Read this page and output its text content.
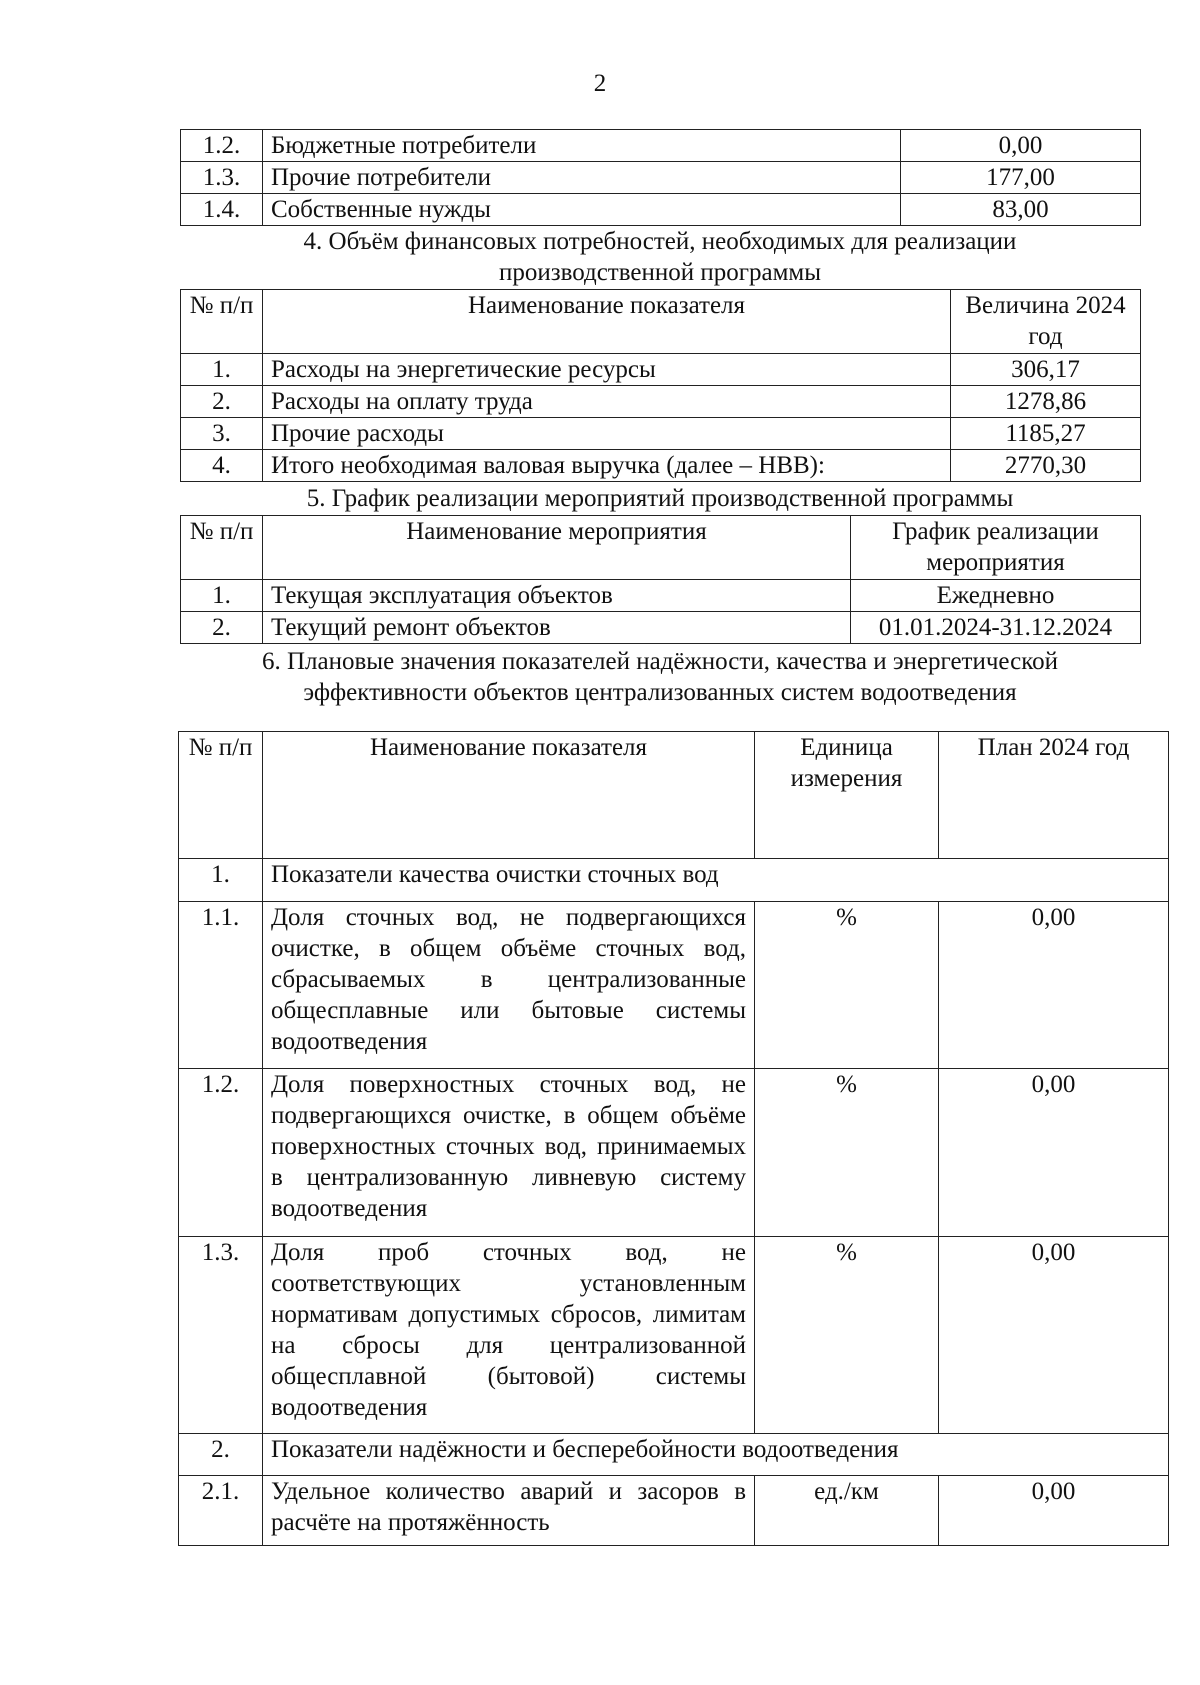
2
1.2.	Бюджетные потребители	0,00
1.3.	Прочие потребители	177,00
1.4.	Собственные нужды	83,00
4. Объём финансовых потребностей, необходимых для реализации
производственной программы
№ п/п	Наименование показателя	Величина 2024 год
1.	Расходы на энергетические ресурсы	306,17
2.	Расходы на оплату труда	1278,86
3.	Прочие расходы	1185,27
4.	Итого необходимая валовая выручка (далее – НВВ):	2770,30
5. График реализации мероприятий производственной программы
№ п/п	Наименование мероприятия	График реализации мероприятия
1.	Текущая эксплуатация объектов	Ежедневно
2.	Текущий ремонт объектов	01.01.2024-31.12.2024
6. Плановые значения показателей надёжности, качества и энергетической
эффективности объектов централизованных систем водоотведения
№ п/п	Наименование показателя	Единица измерения	План 2024 год
1.	Показатели качества очистки сточных вод		
1.1.	Доля сточных вод, не подвергающихся очистке, в общем объёме сточных вод, сбрасываемых в централизованные общесплавные или бытовые системы водоотведения	%	0,00
1.2.	Доля поверхностных сточных вод, не подвергающихся очистке, в общем объёме поверхностных сточных вод, принимаемых в централизованную ливневую систему водоотведения	%	0,00
1.3.	Доля проб сточных вод, не соответствующих установленным нормативам допустимых сбросов, лимитам на сбросы для централизованной общесплавной (бытовой) системы водоотведения	%	0,00
2.	Показатели надёжности и бесперебойности водоотведения		
2.1.	Удельное количество аварий и засоров в расчёте на протяжённость	ед./км	0,00
